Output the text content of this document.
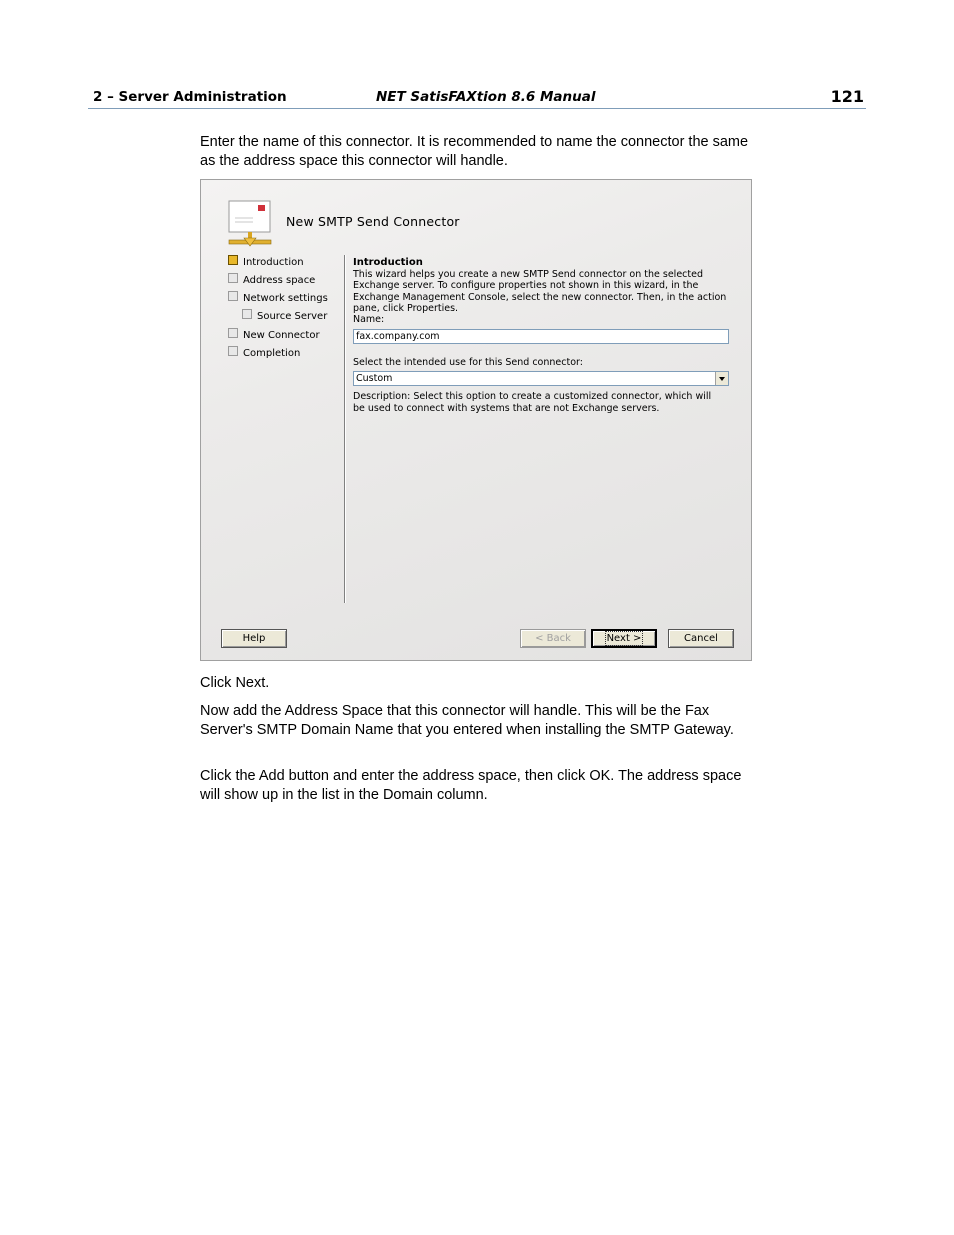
2 – Server Administration	NET SatisFAXtion 8.6 Manual	121
Enter the name of this connector. It is recommended to name the connector the same as the address space this connector will handle.
New SMTP Send Connector
Introduction
Address space
Network settings
Source Server
New Connector
Completion
Introduction
This wizard helps you create a new SMTP Send connector on the selected Exchange server. To configure properties not shown in this wizard, in the Exchange Management Console, select the new connector. Then, in the action pane, click Properties.
Name:
fax.company.com
Select the intended use for this Send connector:
Custom
Description: Select this option to create a customized connector, which will be used to connect with systems that are not Exchange servers.
Help	< Back	Next >	Cancel
Click Next.
Now add the Address Space that this connector will handle. This will be the Fax Server's SMTP Domain Name that you entered when installing the SMTP Gateway.
Click the Add button and enter the address space, then click OK. The address space will show up in the list in the Domain column.
